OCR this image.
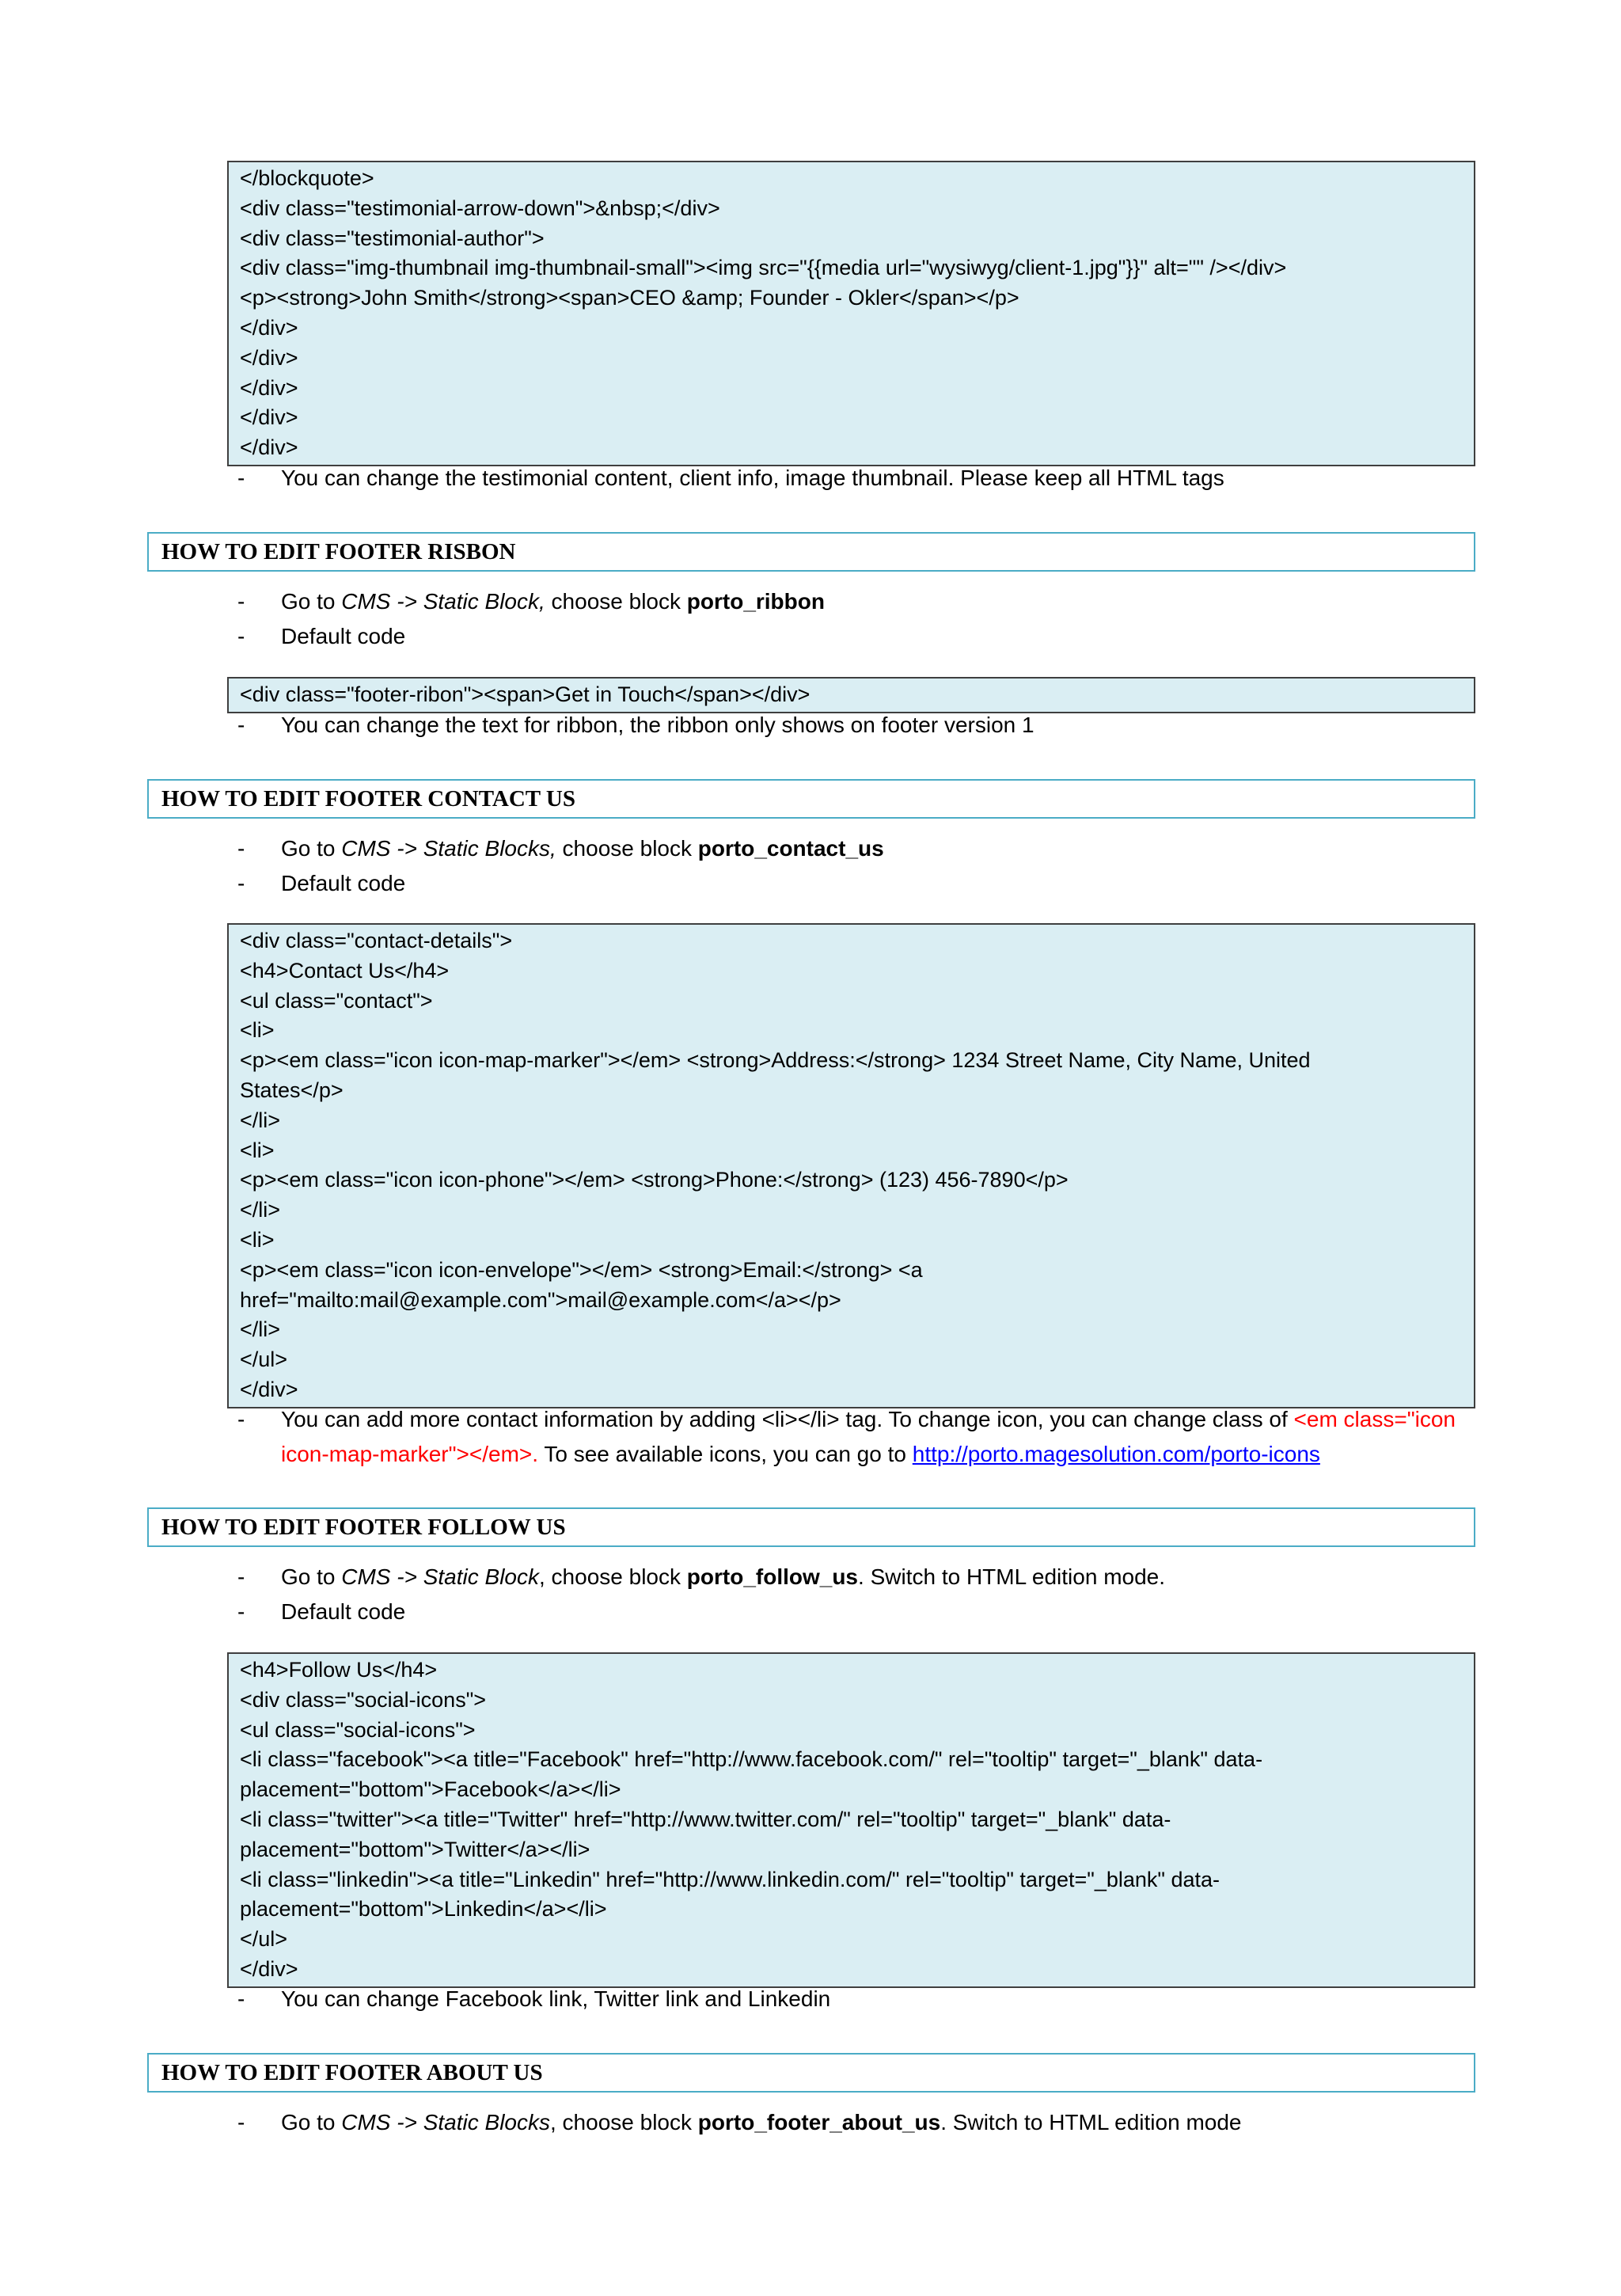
</blockquote>
<div class="testimonial-arrow-down">&nbsp;</div>
<div class="testimonial-author">
<div class="img-thumbnail img-thumbnail-small"><img src="{{media url="wysiwyg/client-1.jpg"}}" alt="" /></div>
<p><strong>John Smith</strong><span>CEO &amp; Founder - Okler</span></p>
</div>
</div>
</div>
</div>
</div>
- You can change the testimonial content, client info, image thumbnail. Please keep all HTML tags
HOW TO EDIT FOOTER RISBON
- Go to CMS -> Static Block, choose block porto_ribbon
- Default code
<div class="footer-ribon"><span>Get in Touch</span></div>
- You can change the text for ribbon, the ribbon only shows on footer version 1
HOW TO EDIT FOOTER CONTACT US
- Go to CMS -> Static Blocks, choose block porto_contact_us
- Default code
<div class="contact-details">
<h4>Contact Us</h4>
<ul class="contact">
<li>
<p><em class="icon icon-map-marker"></em> <strong>Address:</strong> 1234 Street Name, City Name, United
States</p>
</li>
<li>
<p><em class="icon icon-phone"></em> <strong>Phone:</strong> (123) 456-7890</p>
</li>
<li>
<p><em class="icon icon-envelope"></em> <strong>Email:</strong> <a
href="mailto:mail@example.com">mail@example.com</a></p>
</li>
</ul>
</div>
- You can add more contact information by adding <li></li> tag. To change icon, you can change class of <em class="icon
icon-map-marker"></em>. To see available icons, you can go to http://porto.magesolution.com/porto-icons
HOW TO EDIT FOOTER FOLLOW US
- Go to CMS -> Static Block, choose block porto_follow_us. Switch to HTML edition mode.
- Default code
<h4>Follow Us</h4>
<div class="social-icons">
<ul class="social-icons">
<li class="facebook"><a title="Facebook" href="http://www.facebook.com/" rel="tooltip" target="_blank" data-
placement="bottom">Facebook</a></li>
<li class="twitter"><a title="Twitter" href="http://www.twitter.com/" rel="tooltip" target="_blank" data-
placement="bottom">Twitter</a></li>
<li class="linkedin"><a title="Linkedin" href="http://www.linkedin.com/" rel="tooltip" target="_blank" data-
placement="bottom">Linkedin</a></li>
</ul>
</div>
- You can change Facebook link, Twitter link and Linkedin
HOW TO EDIT FOOTER ABOUT US
- Go to CMS -> Static Blocks, choose block porto_footer_about_us. Switch to HTML edition mode
